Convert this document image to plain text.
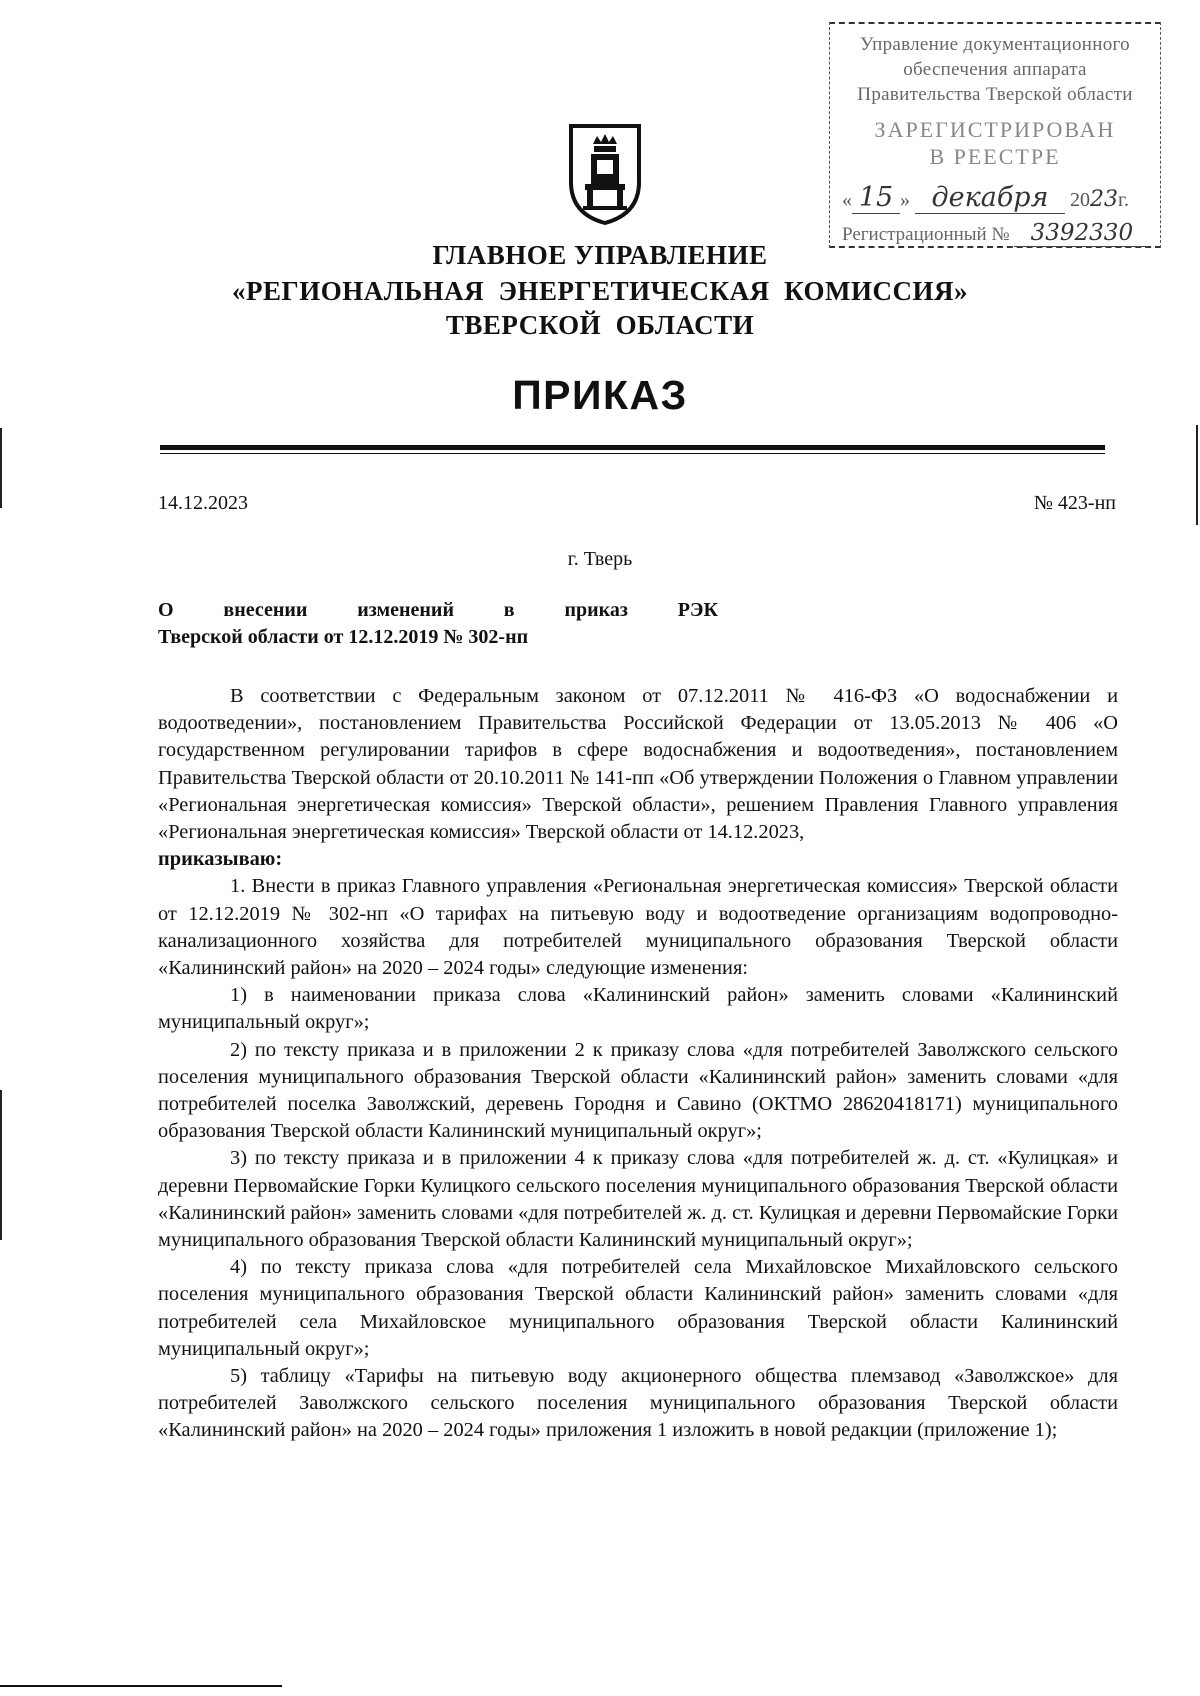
Управление документационного
обеспечения аппарата
Правительства Тверской области
ЗАРЕГИСТРИРОВАН
В РЕЕСТРЕ
« 15 » декабря 2023г.
Регистрационный № 3392330
ГЛАВНОЕ УПРАВЛЕНИЕ
«РЕГИОНАЛЬНАЯ  ЭНЕРГЕТИЧЕСКАЯ  КОМИССИЯ»
ТВЕРСКОЙ  ОБЛАСТИ
ПРИКАЗ
14.12.2023	№ 423-нп
г. Тверь
О внесении изменений в приказ РЭК
Тверской области от 12.12.2019 № 302-нп

В соответствии с Федеральным законом от 07.12.2011 № 416-ФЗ «О водоснабжении и водоотведении», постановлением Правительства Российской Федерации от 13.05.2013 № 406 «О государственном регулировании тарифов в сфере водоснабжения и водоотведения», постановлением Правительства Тверской области от 20.10.2011 № 141-пп «Об утверждении Положения о Главном управлении «Региональная энергетическая комиссия» Тверской области», решением Правления Главного управления «Региональная энергетическая комиссия» Тверской области от 14.12.2023,

приказываю:

1. Внести в приказ Главного управления «Региональная энергетическая комиссия» Тверской области от 12.12.2019 № 302-нп «О тарифах на питьевую воду и водоотведение организациям водопроводно-канализационного хозяйства для потребителей муниципального образования Тверской области «Калининский район» на 2020 – 2024 годы» следующие изменения:

1) в наименовании приказа слова «Калининский район» заменить словами «Калининский муниципальный округ»;

2) по тексту приказа и в приложении 2 к приказу слова «для потребителей Заволжского сельского поселения муниципального образования Тверской области «Калининский район» заменить словами «для потребителей поселка Заволжский, деревень Городня и Савино (ОКТМО 28620418171) муниципального образования Тверской области Калининский муниципальный округ»;

3) по тексту приказа и в приложении 4 к приказу слова «для потребителей ж. д. ст. «Кулицкая» и деревни Первомайские Горки Кулицкого сельского поселения муниципального образования Тверской области «Калининский район» заменить словами «для потребителей ж. д. ст. Кулицкая и деревни Первомайские Горки муниципального образования Тверской области Калининский муниципальный округ»;

4) по тексту приказа слова «для потребителей села Михайловское Михайловского сельского поселения муниципального образования Тверской области Калининский район» заменить словами «для потребителей села Михайловское муниципального образования Тверской области Калининский муниципальный округ»;

5) таблицу «Тарифы на питьевую воду акционерного общества племзавод «Заволжское» для потребителей Заволжского сельского поселения муниципального образования Тверской области «Калининский район» на 2020 – 2024 годы» приложения 1 изложить в новой редакции (приложение 1);
